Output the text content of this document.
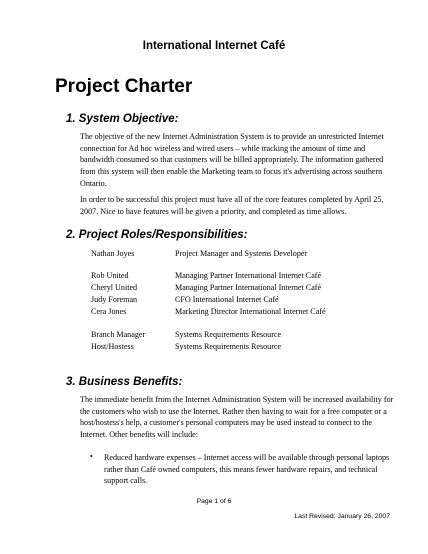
International Internet Café
Project Charter
1. System Objective:

The objective of the new Internet Administration System is to provide an unrestricted Internet connection for Ad hoc wireless and wired users – while tracking the amount of time and bandwidth consumed so that customers will be billed appropriately. The information gathered from this system will then enable the Marketing team to focus it's advertising across southern Ontario.

In order to be successful this project must have all of the core features completed by April 25, 2007. Nice to have features will be given a priority, and completed as time allows.

2. Project Roles/Responsibilities:
Nathan Joyes	Project Manager and Systems Developer
Rob United	Managing Partner International Internet Café
Cheryl United	Managing Partner International Internet Café
Judy Foreman	CFO International Internet Café
Cera Jones	Marketing Director International Internet Café
Branch Manager	Systems Requirements Resource
Host/Hostess	Systems Requirements Resource
3. Business Benefits:

The immediate benefit from the Internet Administration System will be increased availability for the customers who wish to use the Internet. Rather then having to wait for a free computer or a host/hostess's help, a customer's personal computers may be used instead to connect to the Internet. Other benefits will include:

• Reduced hardware expenses – Internet access will be available through personal laptops rather than Café owned computers, this means fewer hardware repairs, and technical support calls.
Page 1 of 6
Last Revised: January 26, 2007
